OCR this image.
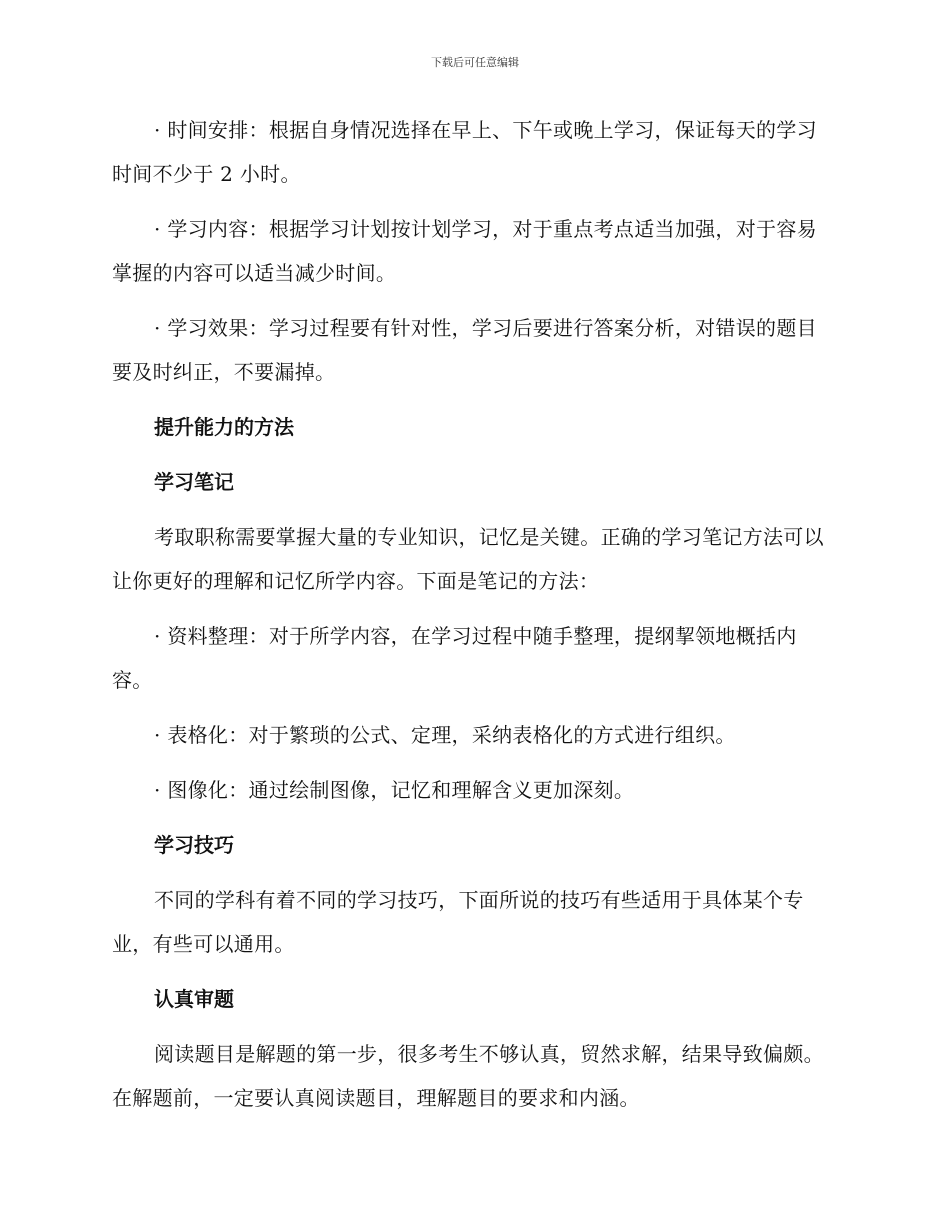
下载后可任意编辑

· 时间安排：根据自身情况选择在早上、下午或晚上学习，保证每天的学习时间不少于 2 小时。

· 学习内容：根据学习计划按计划学习，对于重点考点适当加强，对于容易掌握的内容可以适当减少时间。

· 学习效果：学习过程要有针对性，学习后要进行答案分析，对错误的题目要及时纠正，不要漏掉。

提升能力的方法

学习笔记

考取职称需要掌握大量的专业知识，记忆是关键。正确的学习笔记方法可以让你更好的理解和记忆所学内容。下面是笔记的方法：

· 资料整理：对于所学内容，在学习过程中随手整理，提纲挈领地概括内容。

· 表格化：对于繁琐的公式、定理，采纳表格化的方式进行组织。

· 图像化：通过绘制图像，记忆和理解含义更加深刻。

学习技巧

不同的学科有着不同的学习技巧，下面所说的技巧有些适用于具体某个专业，有些可以通用。

认真审题

阅读题目是解题的第一步，很多考生不够认真，贸然求解，结果导致偏颇。在解题前，一定要认真阅读题目，理解题目的要求和内涵。
